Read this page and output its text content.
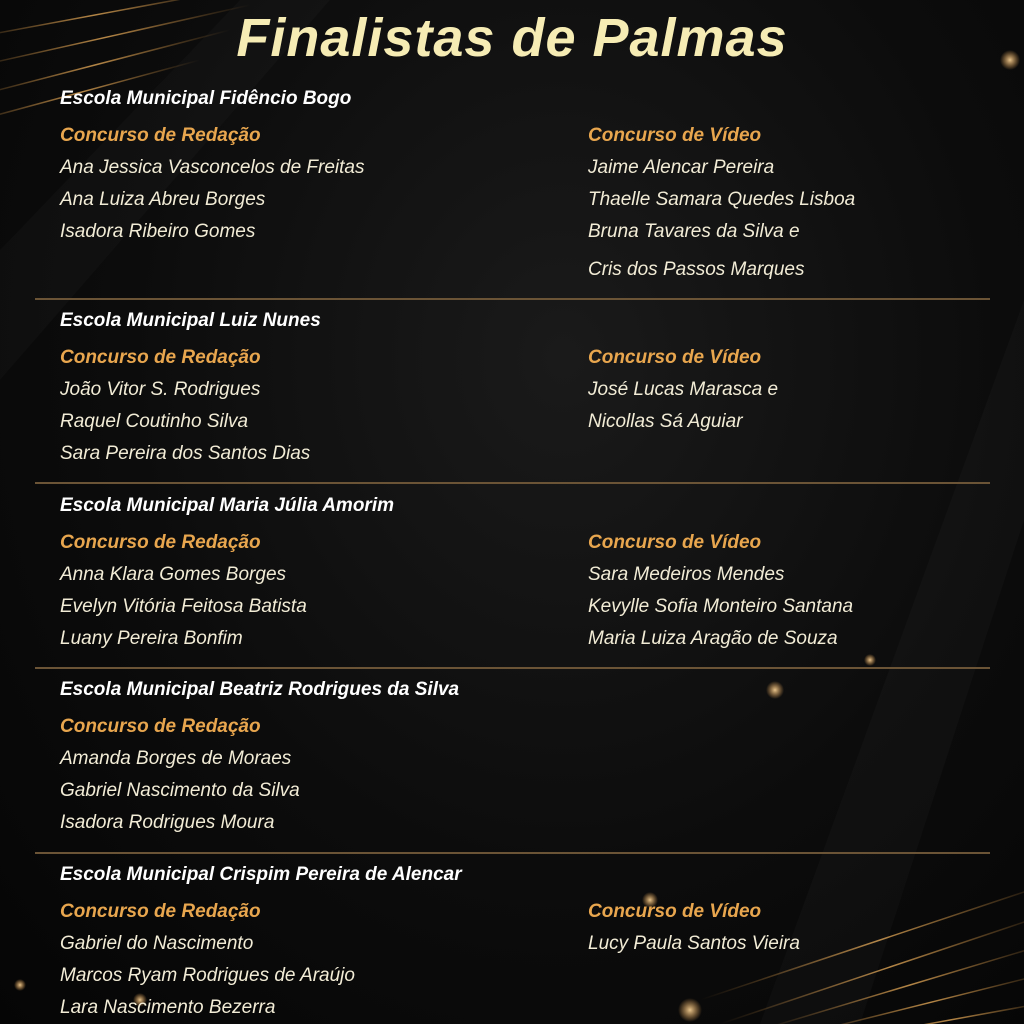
Finalistas de Palmas
Escola Municipal Fidêncio Bogo
Concurso de Redação
Ana Jessica Vasconcelos de Freitas
Ana Luiza Abreu Borges
Isadora Ribeiro Gomes
Concurso de Vídeo
Jaime Alencar Pereira
Thaelle Samara Quedes Lisboa
Bruna Tavares da Silva e
Cris dos Passos Marques
Escola Municipal Luiz Nunes
Concurso de Redação
João Vitor S. Rodrigues
Raquel Coutinho Silva
Sara Pereira dos Santos Dias
Concurso de Vídeo
José Lucas Marasca e
Nicollas Sá Aguiar
Escola Municipal Maria Júlia Amorim
Concurso de Redação
Anna Klara Gomes Borges
Evelyn Vitória Feitosa Batista
Luany Pereira Bonfim
Concurso de Vídeo
Sara Medeiros Mendes
Kevylle Sofia Monteiro Santana
Maria Luiza Aragão de Souza
Escola Municipal Beatriz Rodrigues da Silva
Concurso de Redação
Amanda Borges de Moraes
Gabriel Nascimento da Silva
Isadora Rodrigues Moura
Escola Municipal Crispim Pereira de Alencar
Concurso de Redação
Gabriel do Nascimento
Marcos Ryam Rodrigues de Araújo
Lara Nascimento Bezerra
Concurso de Vídeo
Lucy Paula Santos Vieira
